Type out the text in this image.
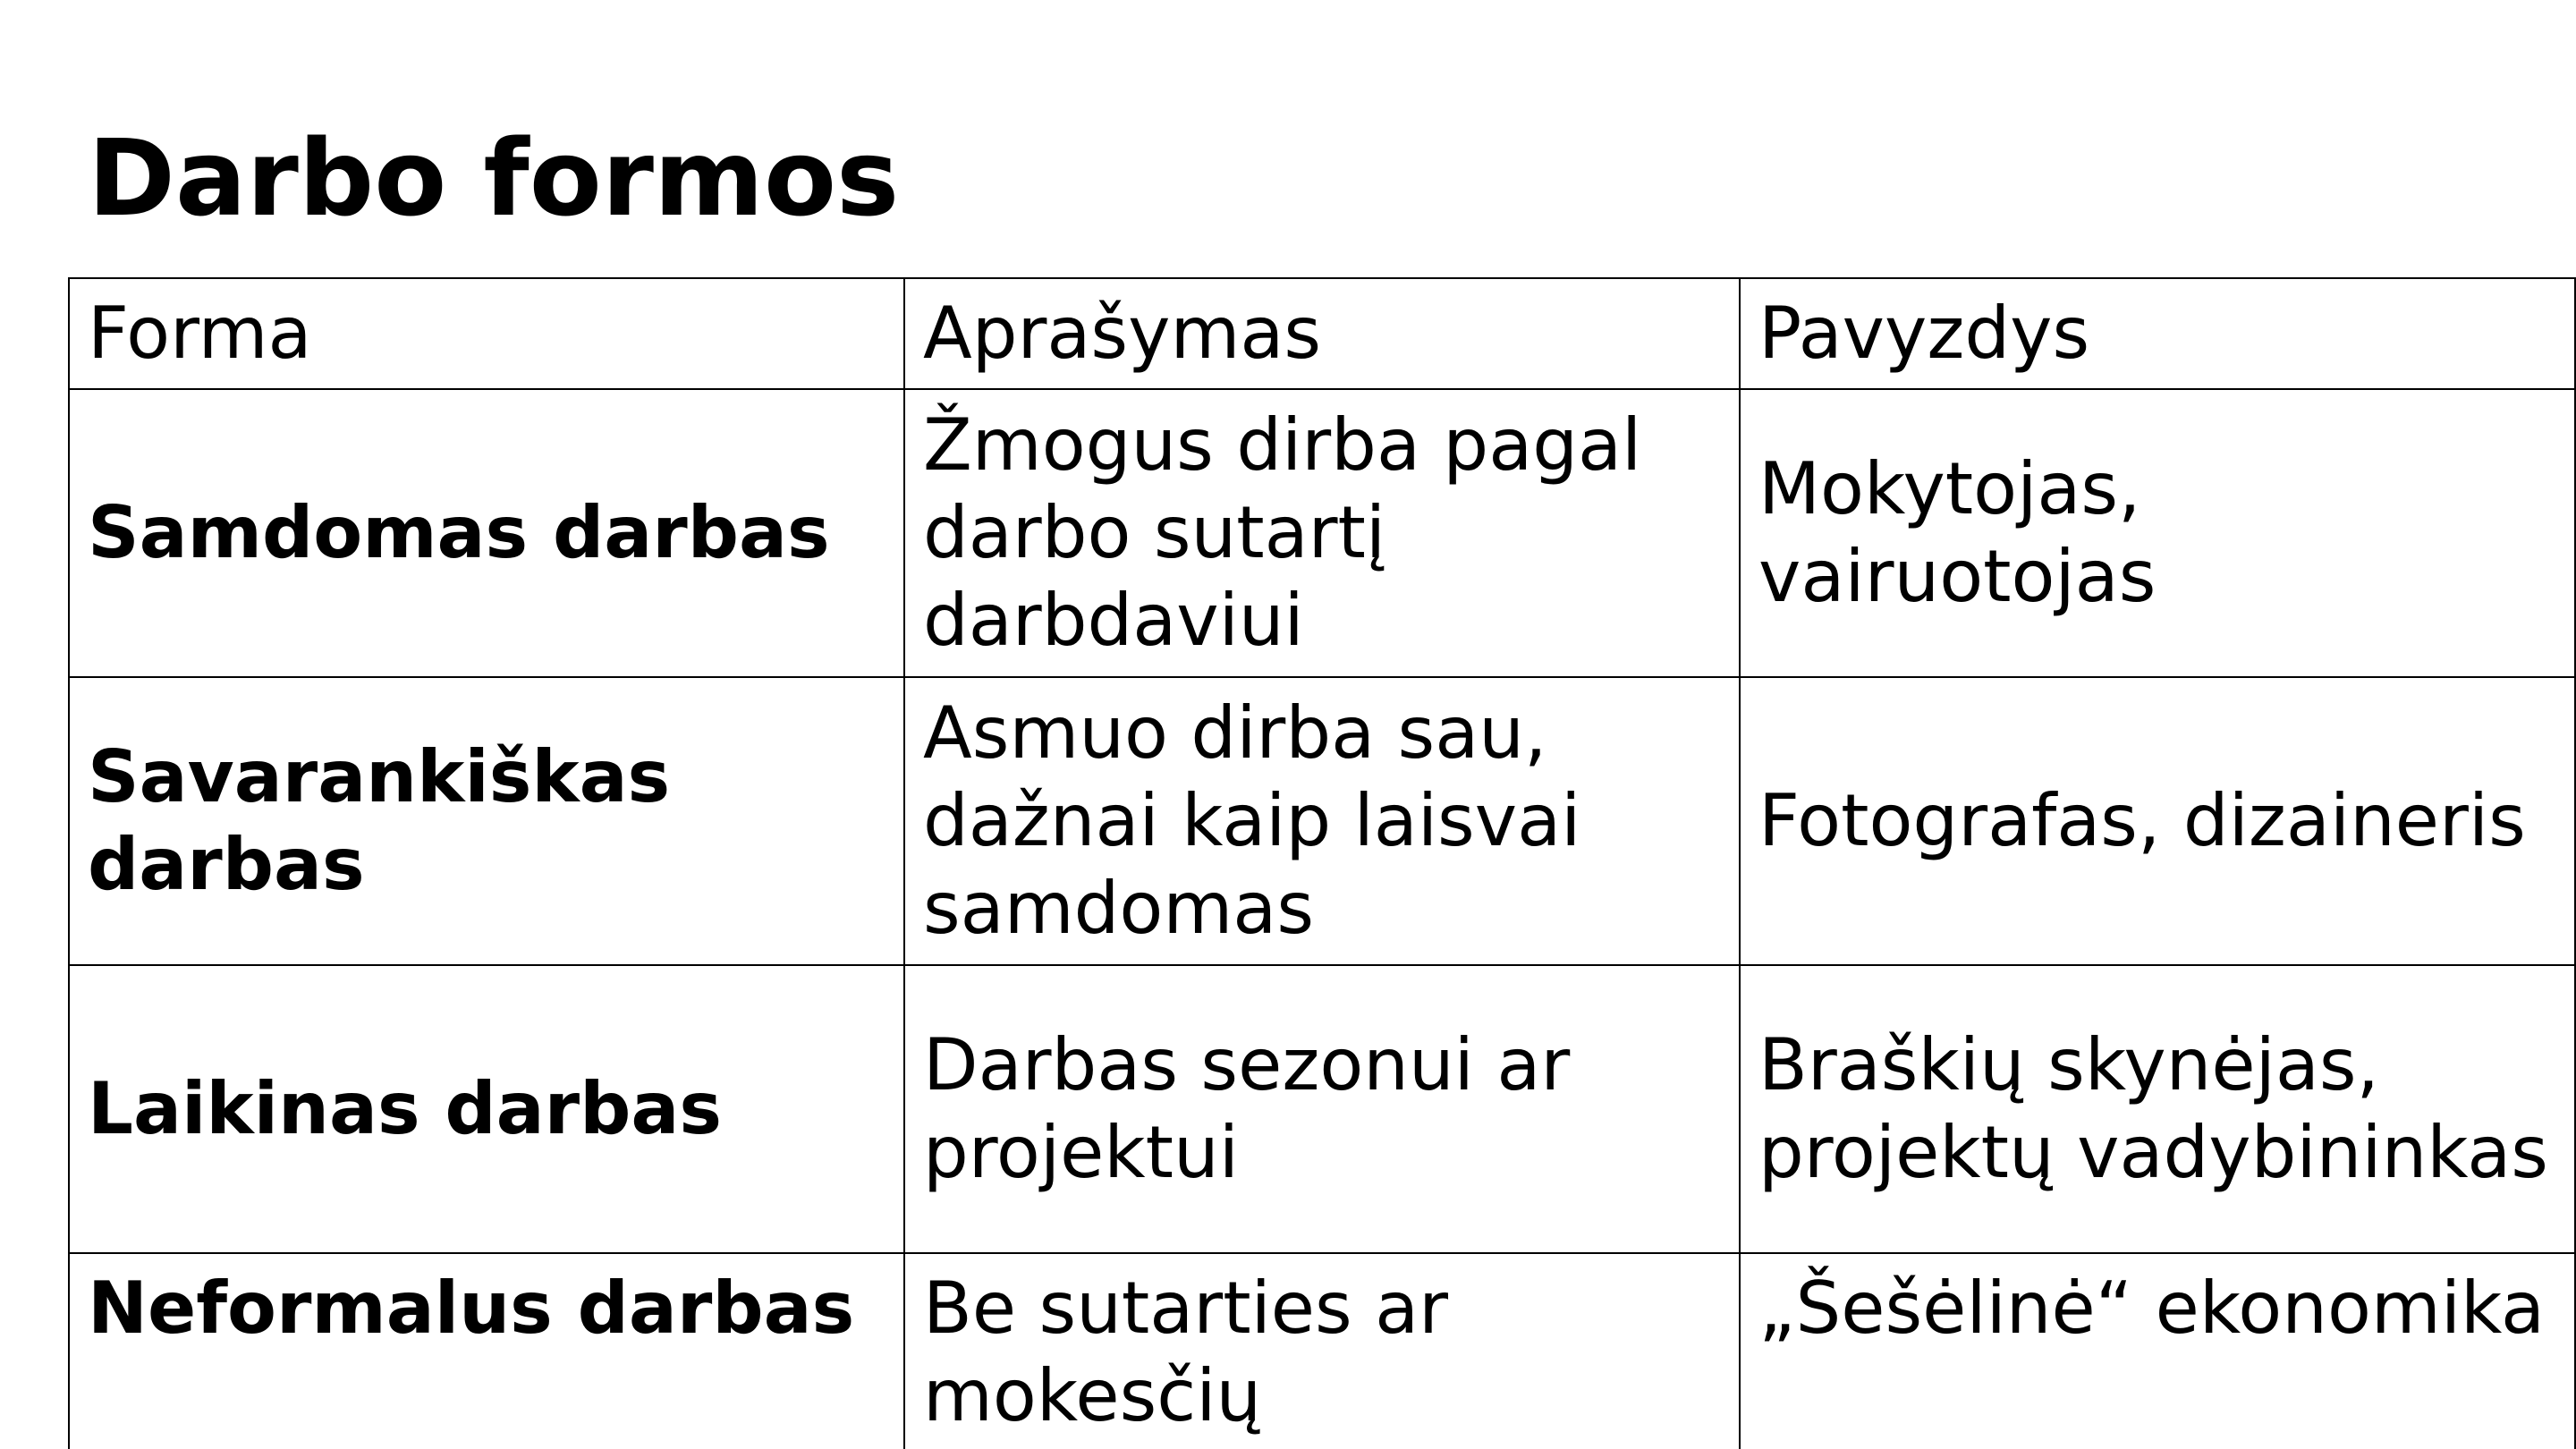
Darbo formos
Forma	Aprašymas	Pavyzdys
Samdomas darbas	Žmogus dirba pagal darbo sutartį darbdaviui	Mokytojas, vairuotojas
Savarankiškas darbas	Asmuo dirba sau, dažnai kaip laisvai samdomas	Fotografas, dizaineris
Laikinas darbas	Darbas sezonui ar projektui	Braškių skynėjas, projektų vadybininkas
Neformalus darbas	Be sutarties ar mokesčių	„Šešėlinė“ ekonomika
